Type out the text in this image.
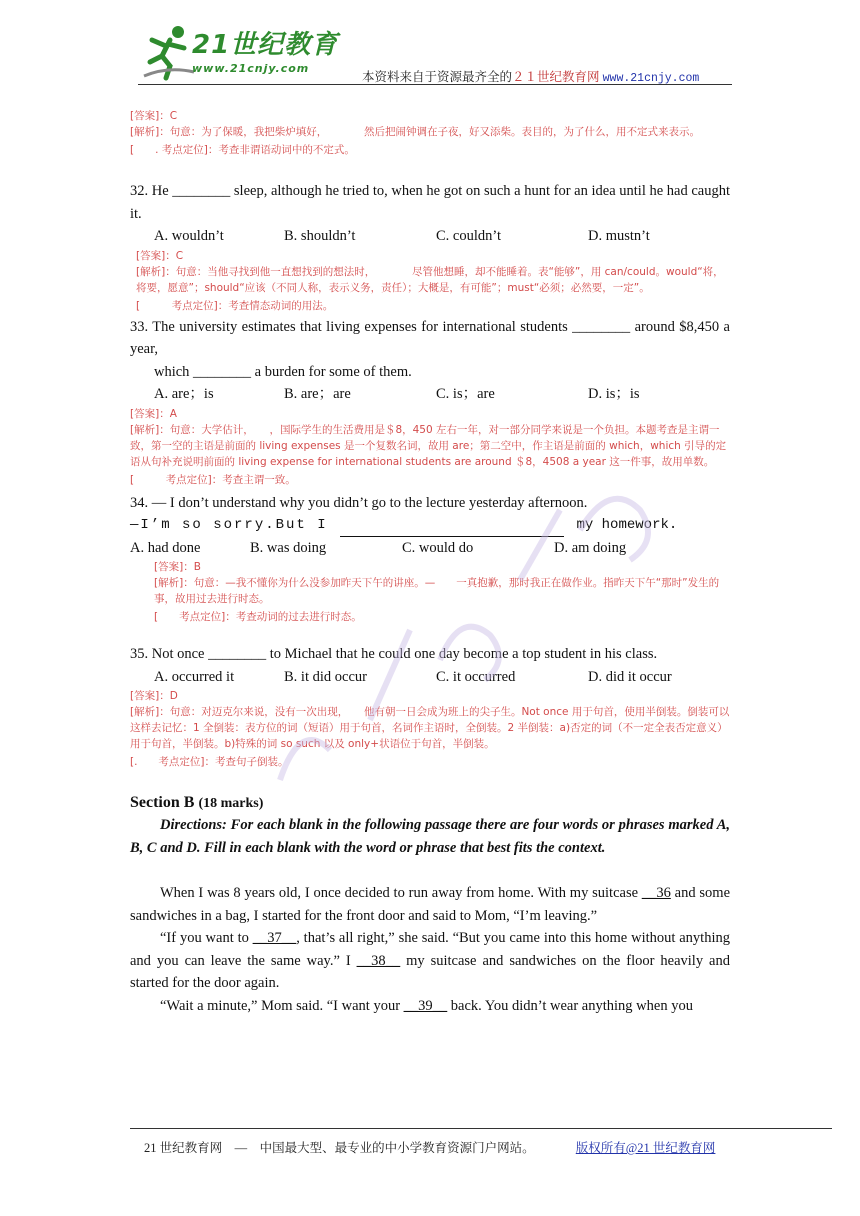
21世纪教育
www.21cnjy.com
本资料来自于资源最齐全的２１世纪教育网 www.21cnjy.com
[答案]：C
[解析]：句意：为了保暖，我把柴炉填好，　　　　然后把闹钟调在子夜，好又添柴。表目的，为了什么，用不定式来表示。
[　　. 考点定位]：考查非谓语动词中的不定式。
32. He ________ sleep, although he tried to, when he got on such a hunt for an idea until he had caught it.
A. wouldn’t	B. shouldn’t	C. couldn’t	D. mustn’t
[答案]：C
[解析]：句意：当他寻找到他一直想找到的想法时，　　　　尽管他想睡，却不能睡着。表“能够”，用 can/could。would“将，将要，愿意”；should“应该（不同人称，表示义务，责任）；大概是，有可能”；must“必须；必然要，一定”。
[　　　考点定位]：考查情态动词的用法。
33. The university estimates that living expenses for international students ________ around $8,450 a year,
which ________ a burden for some of them.
A. are；is	B. are；are	C. is；are	D. is；is
[答案]：A
[解析]：句意：大学估计，　　，国际学生的生活费用是＄8，450 左右一年，对一部分同学来说是一个负担。本题考查是主谓一致，第一空的主语是前面的 living expenses 是一个复数名词，故用 are；第二空中，作主语是前面的 which，which 引导的定语从句补充说明前面的 living expense for international students are around ＄8，4508 a year 这一件事，故用单数。
[　　　考点定位]：考查主谓一致。
34. — I don’t understand why you didn’t go to the lecture yesterday afternoon.
—I’m so sorry.But I	my homework.
A. had done	B. was doing	C. would do	D. am doing
[答案]：B
[解析]：句意：—我不懂你为什么没参加昨天下午的讲座。—　　一真抱歉，那时我正在做作业。指昨天下午“那时”发生的事，故用过去进行时态。
[　　考点定位]：考查动词的过去进行时态。
35. Not once ________ to Michael that he could one day become a top student in his class.
A. occurred it	B. it did occur	C. it occurred	D. did it occur
[答案]：D
[解析]：句意：对迈克尔来说，没有一次出现，　　他有朝一日会成为班上的尖子生。Not once 用于句首，使用半倒装。倒装可以这样去记忆：1 全倒装：表方位的词（短语）用于句首，名词作主语时，全倒装。2 半倒装：a)否定的词（不一定全表否定意义）用于句首，半倒装。b)特殊的词 so such 以及 only+状语位于句首，半倒装。
[.　　考点定位]：考查句子倒装。
Section B (18 marks)
Directions: For each blank in the following passage there are four words or phrases marked A, B, C and D. Fill in each blank with the word or phrase that best fits the context.
When I was 8 years old, I once decided to run away from home. With my suitcase __36 and some sandwiches in a bag, I started for the front door and said to Mom, “I’m leaving.”
“If you want to __37__, that’s all right,” she said. “But you came into this home without anything and you can leave the same way.” I __38__ my suitcase and sandwiches on the floor heavily and started for the door again.
“Wait a minute,” Mom said. “I want your __39__ back. You didn’t wear anything when you
21 世纪教育网　—　中国最大型、最专业的中小学教育资源门户网站。	版权所有@21 世纪教育网
